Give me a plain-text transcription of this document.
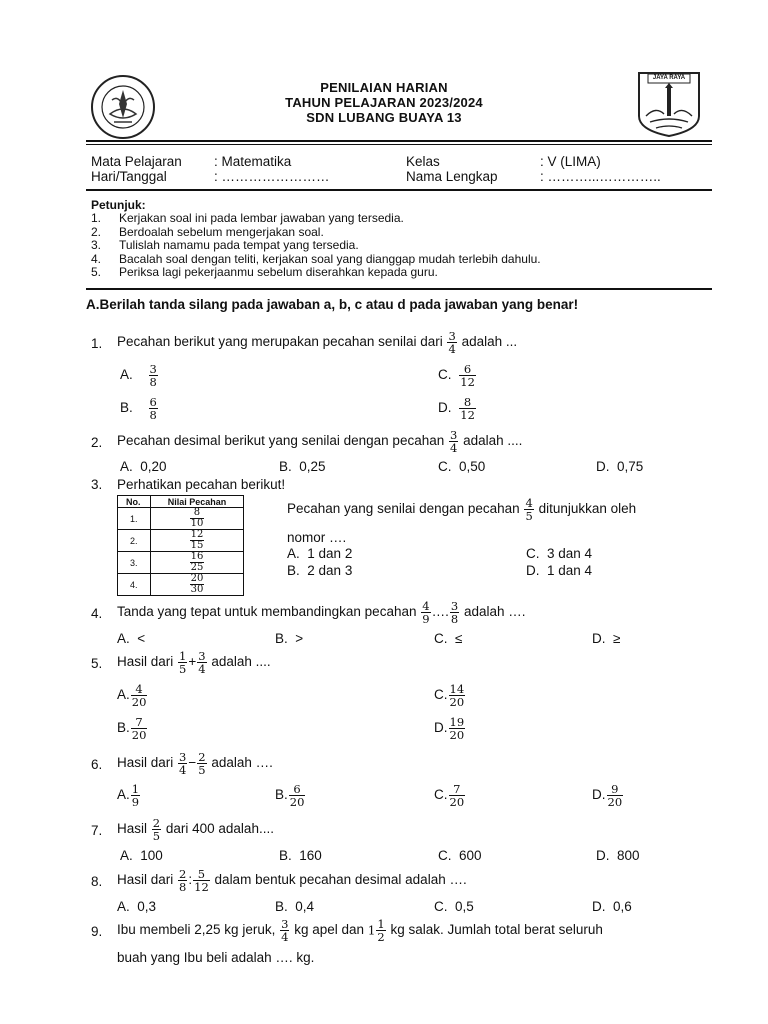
JAYA RAYA
PENILAIAN HARIAN
TAHUN PELAJARAN 2023/2024
SDN LUBANG BUAYA 13
Mata Pelajaran : Matematika	Kelas	: V (LIMA)
Hari/Tanggal	: ……………………	Nama Lengkap	: ………...…………..
Petunjuk:
1. Kerjakan soal ini pada lembar jawaban yang tersedia.
2. Berdoalah sebelum mengerjakan soal.
3. Tulislah namamu pada tempat yang tersedia.
4. Bacalah soal dengan teliti, kerjakan soal yang dianggap mudah terlebih dahulu.
5. Periksa lagi pekerjaanmu sebelum diserahkan kepada guru.
A.Berilah tanda silang pada jawaban a, b, c atau d pada jawaban yang benar!
1. Pecahan berikut yang merupakan pecahan senilai dari $\frac{3}{4}$ adalah ...
A. $\frac{3}{8}$	C. $\frac{6}{12}$
B. $\frac{6}{8}$	D. $\frac{8}{12}$
2. Pecahan desimal berikut yang senilai dengan pecahan $\frac{3}{4}$ adalah ....
A. 0,20	B. 0,25	C. 0,50	D. 0,75
3. Perhatikan pecahan berikut!
No.	Nilai Pecahan
1.	$\frac{8}{10}$

2.	$\frac{12}{15}$

3.	$\frac{16}{25}$

4.	$\frac{20}{30}$
Pecahan yang senilai dengan pecahan $\frac{4}{5}$ ditunjukkan oleh
nomor ….
A. 1 dan 2	C. 3 dan 4
B. 2 dan 3	D. 1 dan 4
4. Tanda yang tepat untuk membandingkan pecahan $\frac{4}{9}$ …. $\frac{3}{8}$ adalah ….
A. <	B. >	C. ≤	D. ≥
5. Hasil dari $\frac{1}{5} + \frac{3}{4}$ adalah ....
A. $\frac{4}{20}$	C. $\frac{14}{20}$
B. $\frac{7}{20}$	D. $\frac{19}{20}$
6. Hasil dari $\frac{3}{4} - \frac{2}{5}$ adalah ….
A. $\frac{1}{9}$	B. $\frac{6}{20}$	C. $\frac{7}{20}$	D. $\frac{9}{20}$
7. Hasil $\frac{2}{5}$ dari 400 adalah....
A. 100	B. 160	C. 600	D. 800
8. Hasil dari $\frac{2}{8}$ : $\frac{5}{12}$ dalam bentuk pecahan desimal adalah ….
A. 0,3	B. 0,4	C. 0,5	D. 0,6
9. Ibu membeli 2,25 kg jeruk, $\frac{3}{4}$ kg apel dan $1 \frac{1}{2}$ kg salak. Jumlah total berat seluruh
buah yang Ibu beli adalah …. kg.
